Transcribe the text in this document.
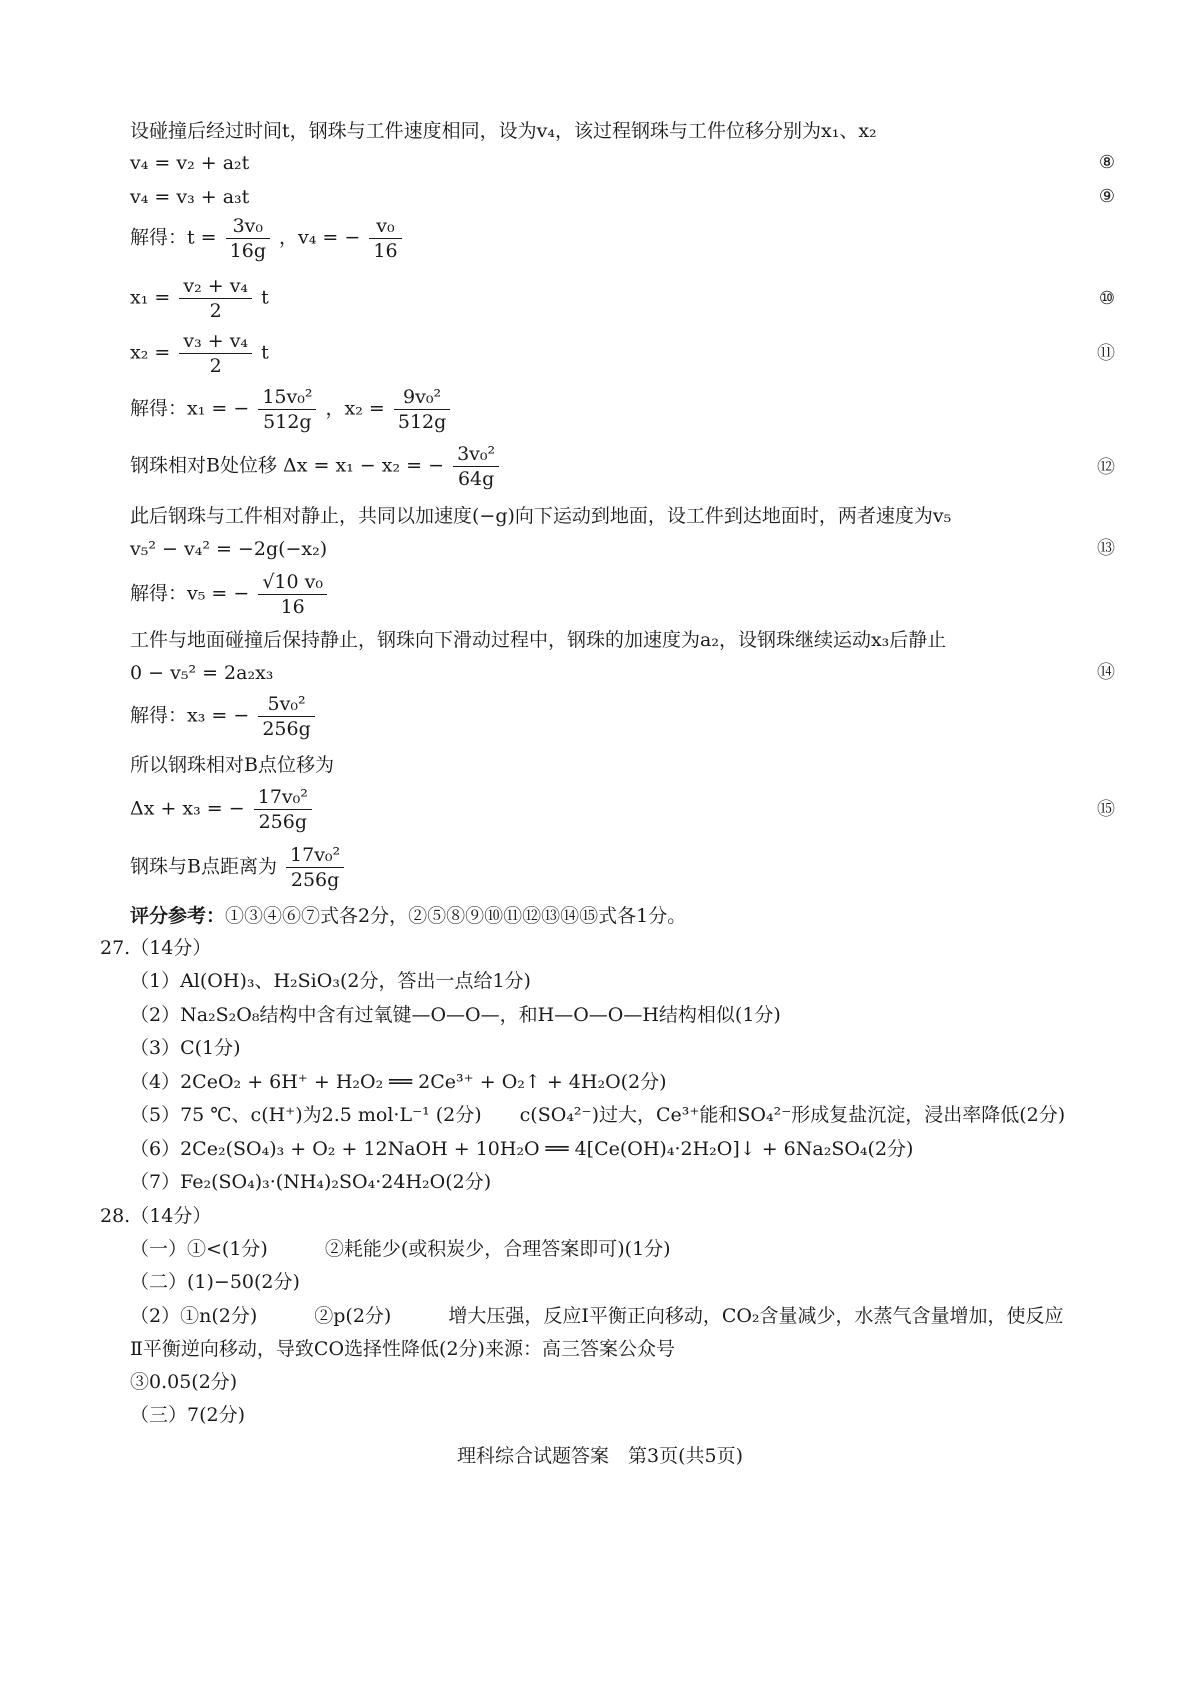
设碰撞后经过时间t，钢珠与工件速度相同，设为v₄，该过程钢珠与工件位移分别为x₁、x₂
v₄ = v₂ + a₂t	⑧
v₄ = v₃ + a₃t	⑨
解得：$t = \frac{\text{3v₀}}{16g}$ ，v₄ = − $\frac{\text{v₀}}{16}$
$x_1 = \frac{\text{v₂ + v₄}}{2}$ t	⑩
$x_2 = \frac{\text{v₃ + v₄}}{2}$ t	⑪
解得：x₁ = − $\frac{\text{15v₀²}}{512g}$ ，$x_2 = \frac{\text{9v₀²}}{512g}$
钢珠相对B处位移 Δx = x₁ − x₂ = − $\frac{\text{3v₀²}}{64g}$	⑫
此后钢珠与工件相对静止，共同以加速度(−g)向下运动到地面，设工件到达地面时，两者速度为v₅
v₅² − v₄² = −2g(−x₂)	⑬
解得：v₅ = − $\frac{\text{√10 v₀}}{16}$
工件与地面碰撞后保持静止，钢珠向下滑动过程中，钢珠的加速度为a₂，设钢珠继续运动x₃后静止
0 − v₅² = 2a₂x₃	⑭
解得：x₃ = − $\frac{\text{5v₀²}}{256g}$
所以钢珠相对B点位移为
Δx + x₃ = − $\frac{\text{17v₀²}}{256g}$	⑮
钢珠与B点距离为 $\frac{\text{17v₀²}}{256g}$
评分参考：①③④⑥⑦式各2分，②⑤⑧⑨⑩⑪⑫⑬⑭⑮式各1分。
27.（14分）
（1）Al(OH)₃、H₂SiO₃(2分，答出一点给1分)
（2）Na₂S₂O₈结构中含有过氧键—O—O—，和H—O—O—H结构相似(1分)
（3）C(1分)
（4）2CeO₂ + 6H⁺ + H₂O₂ ══ 2Ce³⁺ + O₂↑ + 4H₂O(2分)
（5）75 ℃、c(H⁺)为2.5 mol·L⁻¹ (2分)　　c(SO₄²⁻)过大，Ce³⁺能和SO₄²⁻形成复盐沉淀，浸出率降低(2分)
（6）2Ce₂(SO₄)₃ + O₂ + 12NaOH + 10H₂O ══ 4[Ce(OH)₄·2H₂O]↓ + 6Na₂SO₄(2分)
（7）Fe₂(SO₄)₃·(NH₄)₂SO₄·24H₂O(2分)
28.（14分）
（一）①<(1分)　　　②耗能少(或积炭少，合理答案即可)(1分)
（二）(1)−50(2分)
（2）①n(2分)　　　②p(2分)　　　增大压强，反应Ⅰ平衡正向移动，CO₂含量减少，水蒸气含量增加，使反应
Ⅱ平衡逆向移动，导致CO选择性降低(2分)来源：高三答案公众号
③0.05(2分)
（三）7(2分)
理科综合试题答案　第3页(共5页)
